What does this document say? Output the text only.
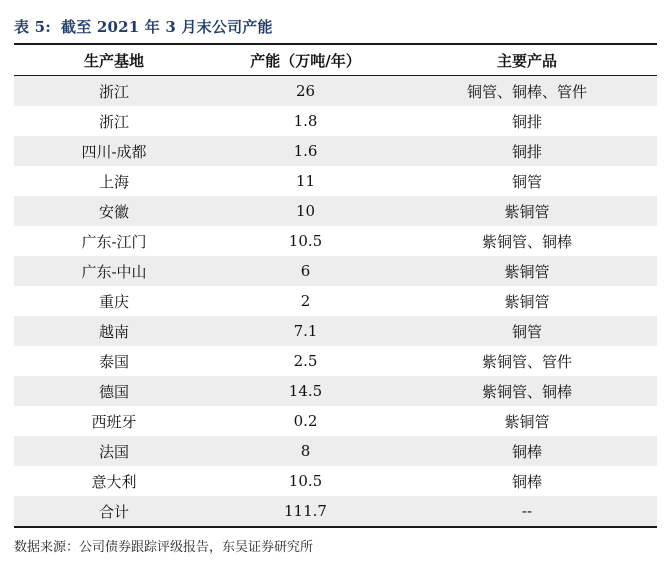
表 5: 截至 2021 年 3 月末公司产能
生产基地	产能（万吨/年）	主要产品
浙江	26	铜管、铜棒、管件
浙江	1.8	铜排
四川-成都	1.6	铜排
上海	11	铜管
安徽	10	紫铜管
广东-江门	10.5	紫铜管、铜棒
广东-中山	6	紫铜管
重庆	2	紫铜管
越南	7.1	铜管
泰国	2.5	紫铜管、管件
德国	14.5	紫铜管、铜棒
西班牙	0.2	紫铜管
法国	8	铜棒
意大利	10.5	铜棒
合计	111.7	--
数据来源：公司债券跟踪评级报告，东吴证券研究所
